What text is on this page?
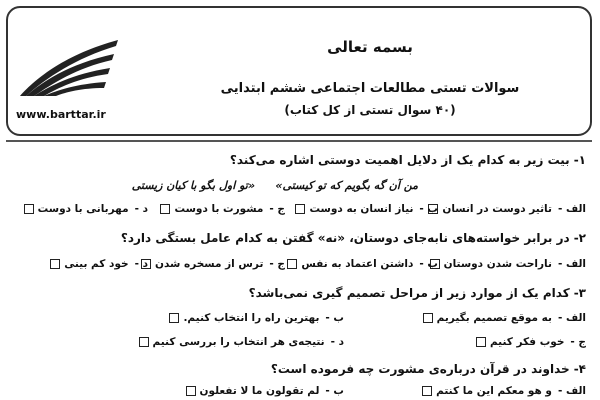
www.barttar.ir
بسمه تعالی
سوالات تستی مطالعات اجتماعی ششم ابتدایی
(۴۰ سوال تستی از کل کتاب)
۱-بیت زیر به کدام یک از دلایل اهمیت دوستی اشاره می‌کند؟
«تو اول بگو با کیان زیستی من آن گه بگویم که تو کیستی»
الف -
تاثیر دوست در انسان
ب -
نیاز انسان به دوست
ج -
مشورت با دوست
د -
مهربانی با دوست
۲-در برابر خواسته‌های نابه‌جای دوستان، «نه» گفتن به کدام عامل بستگی دارد؟
الف -
ناراحت شدن دوستان
ب -
داشتن اعتماد به نفس
ج -
ترس از مسخره شدن
د -
خود کم بینی
۳-کدام یک از موارد زیر از مراحل تصمیم گیری نمی‌باشد؟
الف -
به موقع تصمیم بگیریم
ب -
بهترین راه را انتخاب کنیم.
ج -
خوب فکر کنیم
د -
نتیجه‌ی هر انتخاب را بررسی کنیم
۴-خداوند در قرآن درباره‌ی مشورت چه فرموده است؟
الف -
و هو معکم این ما کنتم
ب -
لم تقولون ما لا تفعلون
